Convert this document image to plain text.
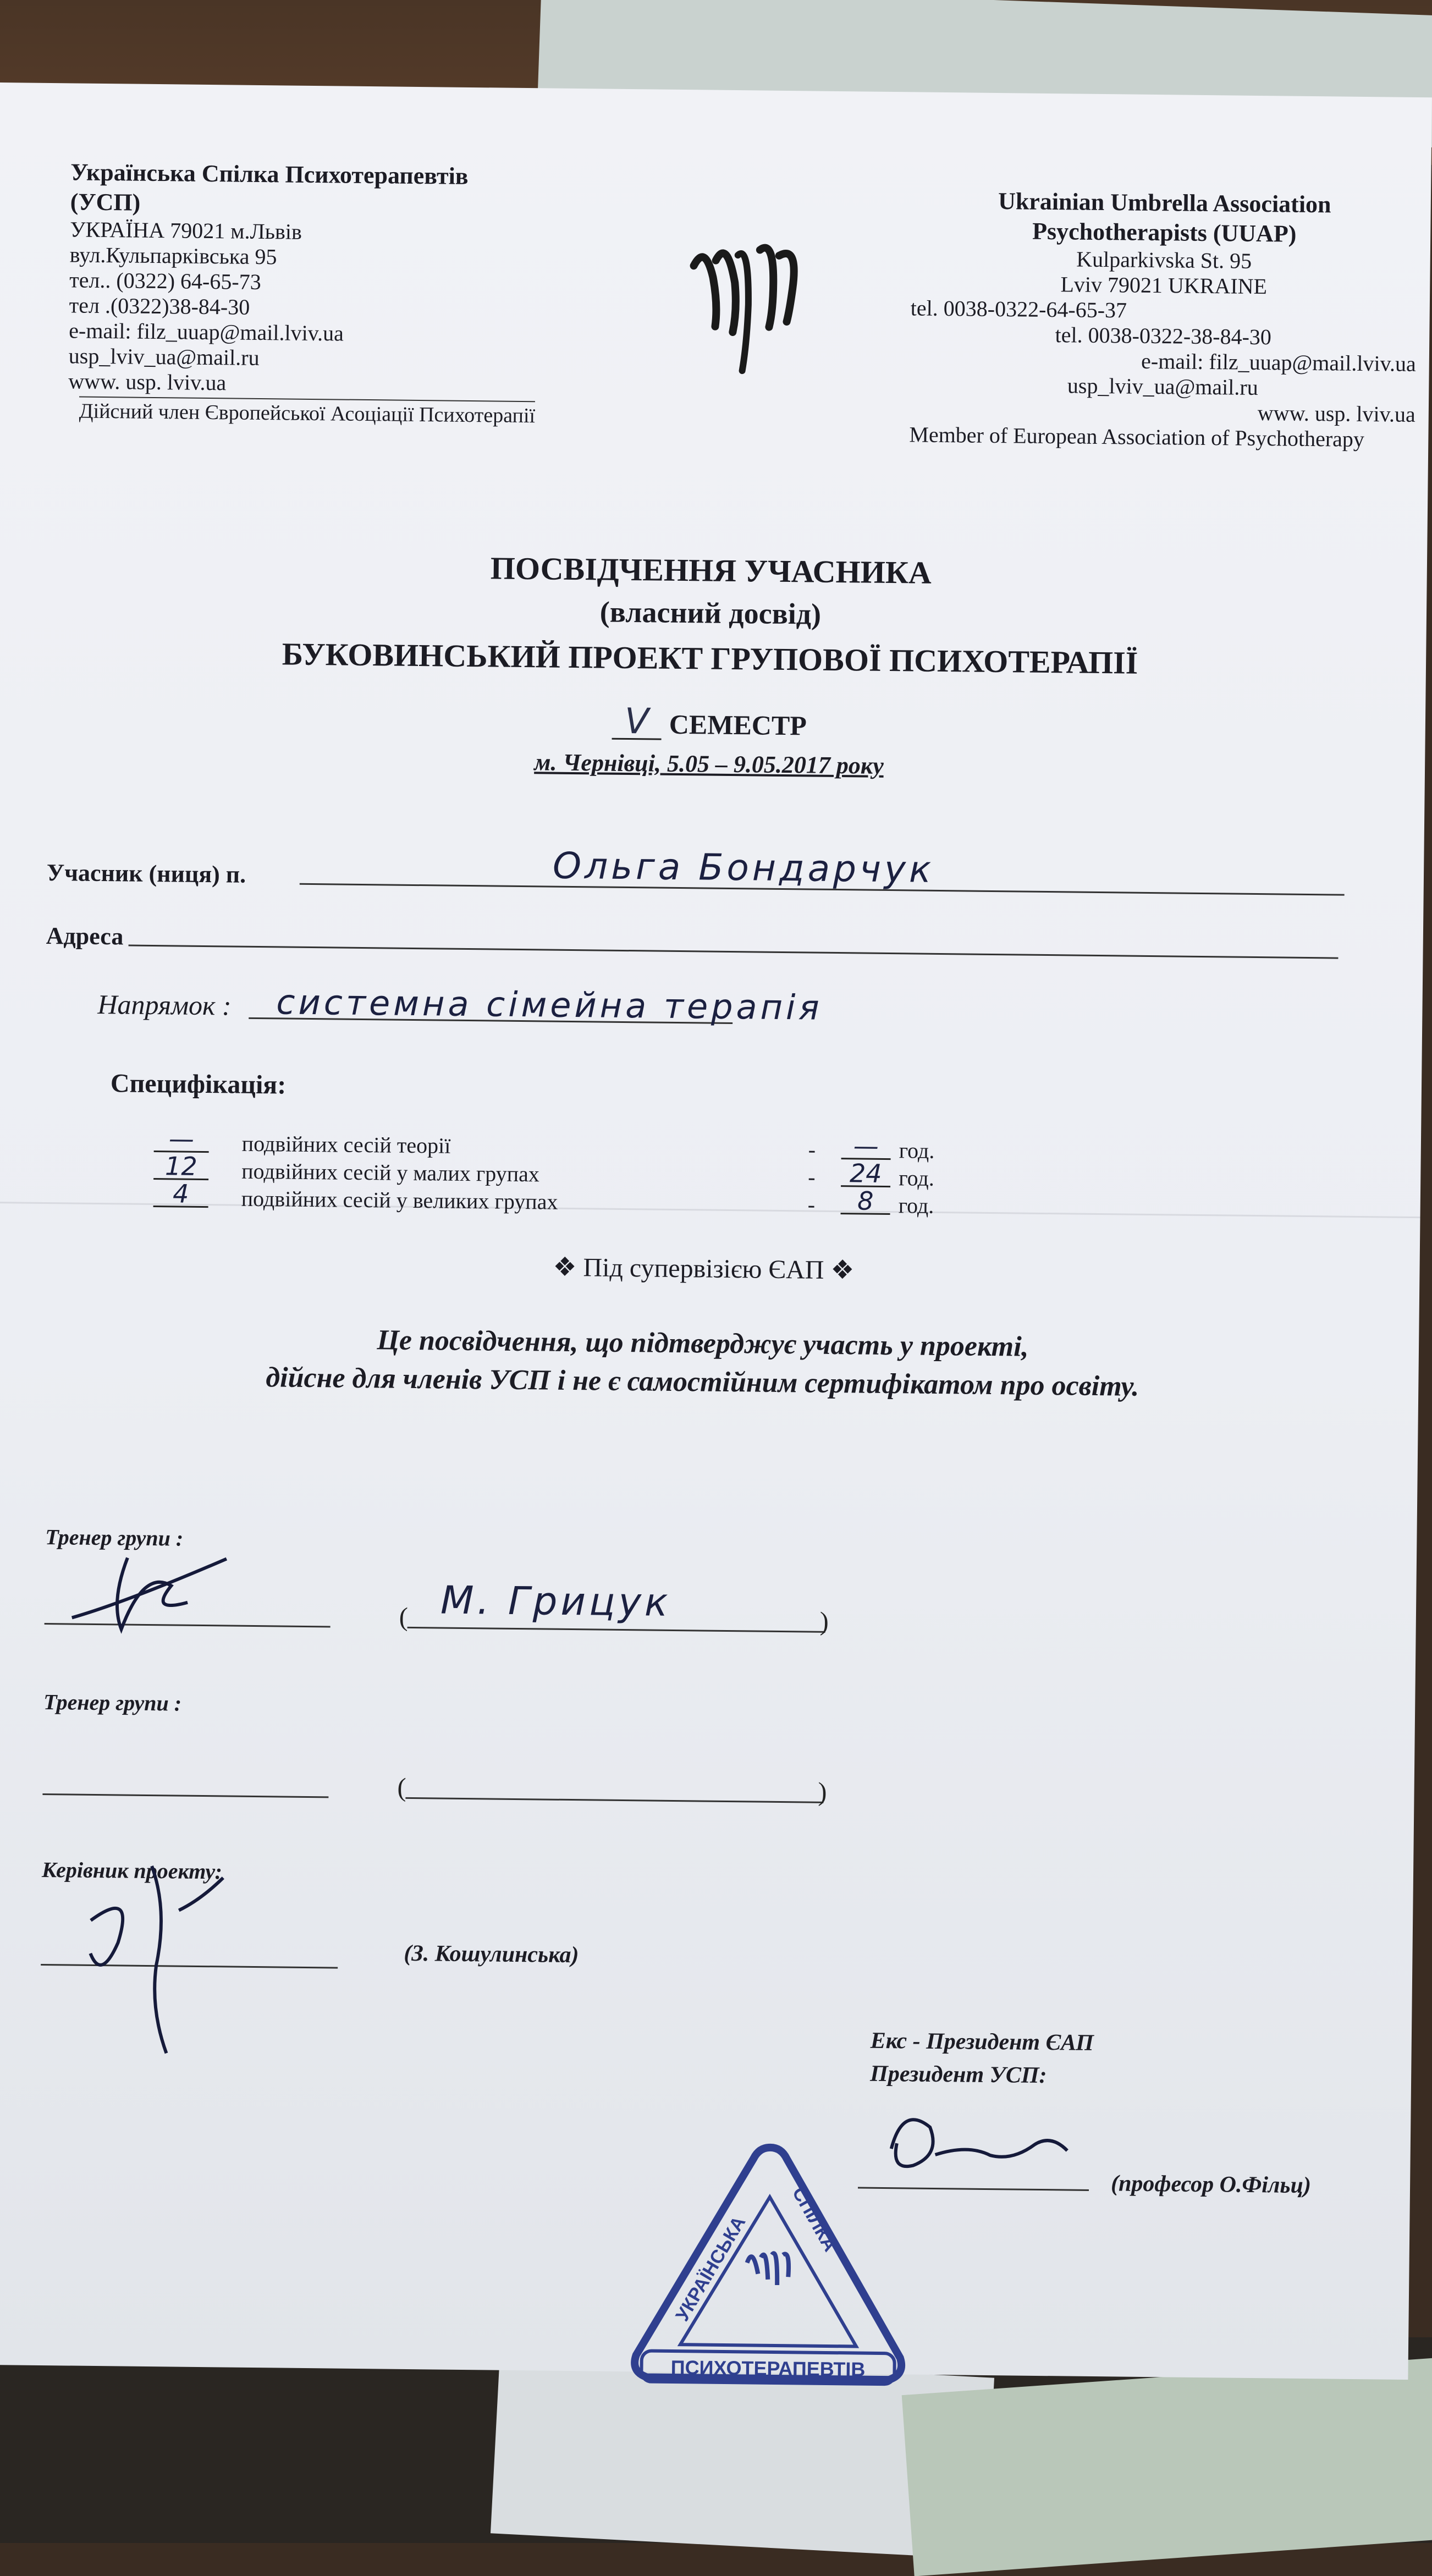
Українська Спілка Психотерапевтів
(УСП)
УКРАЇНА 79021 м.Львів
вул.Кульпарківська 95
тел.. (0322) 64-65-73
тел .(0322)38-84-30
e-mail: filz_uuap@mail.lviv.ua
usp_lviv_ua@mail.ru
www. usp. lviv.ua
Дійсний член Європейської Асоціації Психотерапії
Ukrainian Umbrella Association
Psychotherapists (UUAP)
Kulparkivska St. 95
Lviv 79021 UKRAINE
tel. 0038-0322-64-65-37
tel. 0038-0322-38-84-30
e-mail: filz_uuap@mail.lviv.ua
usp_lviv_ua@mail.ru
www. usp. lviv.ua
Member of European Association of Psychotherapy
ПОСВІДЧЕННЯ УЧАСНИКА
(власний досвід)
БУКОВИНСЬКИЙ ПРОЕКТ ГРУПОВОЇ ПСИХОТЕРАПІЇ
V СЕМЕСТР
м. Чернівці, 5.05 – 9.05.2017 року
Учасник (ниця) п.	Ольга Бондарчук
Адреса
Напрямок : системна сімейна терапія
Специфікація:
—	подвійних сесій теорії	-	— год.
12	подвійних сесій у малих групах	-	24 год.
4	подвійних сесій у великих групах	-	8	год.
❖ Під супервізією ЄАП ❖
Це посвідчення, що підтверджує участь у проекті,
дійсне для членів УСП і не є самостійним сертифікатом про освіту.
Тренер групи :
(	)
М. Грицук
Тренер групи :
(	)
Керівник проекту:
(З. Кошулинська)
Екс - Президент ЄАП
Президент УСП:
(професор О.Фільц)
ПСИХОТЕРАПЕВТІВ
УКРАЇНСЬКА СПІЛКА
